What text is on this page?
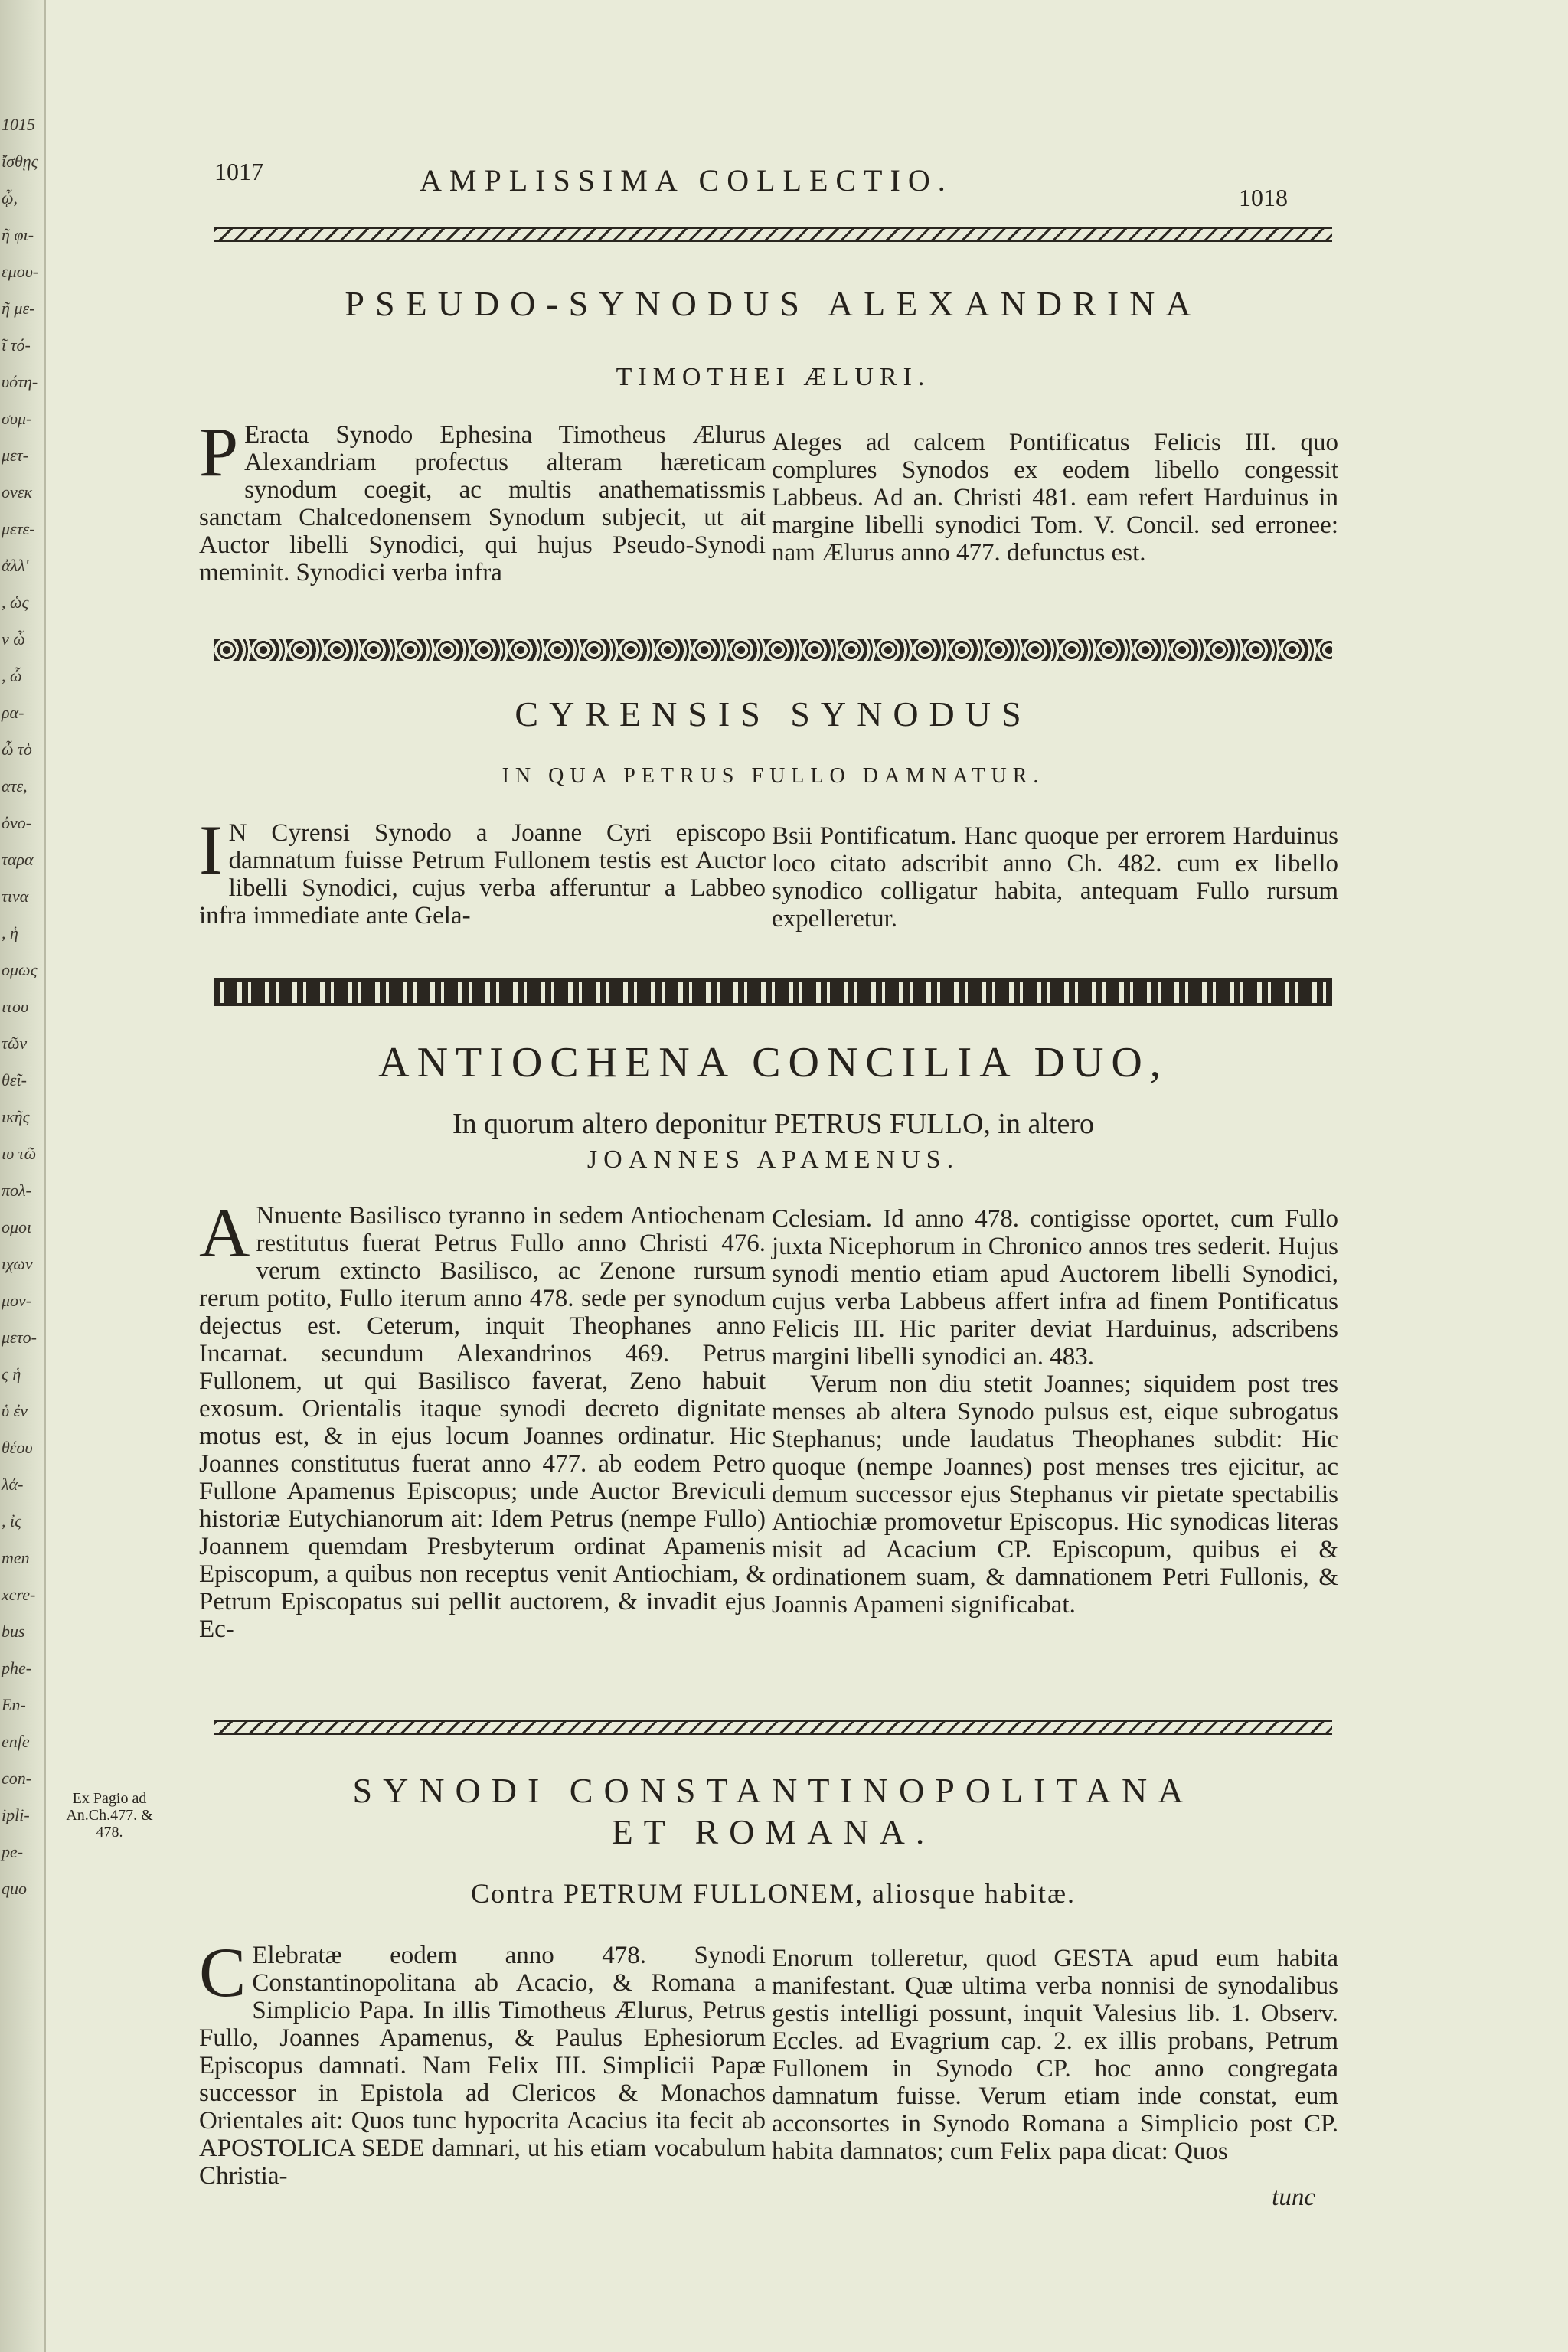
1015
ἴσθῃς
ᾧ,
ῆ φι-
εμου-
ῆ με-
ῖ τό-
υότη-
συμ-
μετ-
ονεκ
μετε-
ἀλλ'
, ὡς
ν ὦ
, ὦ
ρα-
ὦ τὸ
ατε,
ὀνο-
ταρα
τινα
, ἡ
ομως
ιτου
τῶν
θεῖ-
ικῆς
ιυ τῶ
πολ-
ομοι
ιχων
μον-
μετο-
ς ἡ
ὑ ἐν
θέου
λά-
, ἰς
men
xcre-
bus
phe-
En-
enfe
con-
ipli-
pe-
quo
1017	AMPLISSIMA COLLECTIO.	1018
PSEUDO-SYNODUS ALEXANDRINA
TIMOTHEI ÆLURI.
P Eracta Synodo Ephesina Timotheus Ælurus Alexandriam profectus alteram hæreticam synodum coegit, ac multis anathematissmis sanctam Chalcedonensem Synodum subjecit, ut ait Auctor libelli Synodici, qui hujus Pseudo-Synodi meminit. Synodici verba infra

Aleges ad calcem Pontificatus Felicis III. quo complures Synodos ex eodem libello congessit Labbeus. Ad an. Christi 481. eam refert Harduinus in margine libelli synodici Tom. V. Concil. sed erronee: nam Ælurus anno 477. defunctus est.

CYRENSIS SYNODUS
IN QUA PETRUS FULLO DAMNATUR.
I N Cyrensi Synodo a Joanne Cyri episcopo damnatum fuisse Petrum Fullonem testis est Auctor libelli Synodici, cujus verba afferuntur a Labbeo infra immediate ante Gela-

Bsii Pontificatum. Hanc quoque per errorem Harduinus loco citato adscribit anno Ch. 482. cum ex libello synodico colligatur habita, antequam Fullo rursum expelleretur.

ANTIOCHENA CONCILIA DUO,
In quorum altero deponitur PETRUS FULLO, in altero
JOANNES APAMENUS.
A Nnuente Basilisco tyranno in sedem Antiochenam restitutus fuerat Petrus Fullo anno Christi 476. verum extincto Basilisco, ac Zenone rursum rerum potito, Fullo iterum anno 478. sede per synodum dejectus est. Ceterum, inquit Theophanes anno Incarnat. secundum Alexandrinos 469. Petrus Fullonem, ut qui Basilisco faverat, Zeno habuit exosum. Orientalis itaque synodi decreto dignitate motus est, & in ejus locum Joannes ordinatur. Hic Joannes constitutus fuerat anno 477. ab eodem Petro Fullone Apamenus Episcopus; unde Auctor Breviculi historiæ Eutychianorum ait: Idem Petrus (nempe Fullo) Joannem quemdam Presbyterum ordinat Apamenis Episcopum, a quibus non receptus venit Antiochiam, & Petrum Episcopatus sui pellit auctorem, & invadit ejus Ec-

Cclesiam. Id anno 478. contigisse oportet, cum Fullo juxta Nicephorum in Chronico annos tres sederit. Hujus synodi mentio etiam apud Auctorem libelli Synodici, cujus verba Labbeus affert infra ad finem Pontificatus Felicis III. Hic pariter deviat Harduinus, adscribens margini libelli synodici an. 483.

Verum non diu stetit Joannes; siquidem post tres menses ab altera Synodo pulsus est, eique subrogatus Stephanus; unde laudatus Theophanes subdit: Hic quoque (nempe Joannes) post menses tres ejicitur, ac demum successor ejus Stephanus vir pietate spectabilis Antiochiæ promovetur Episcopus. Hic synodicas literas misit ad Acacium CP. Episcopum, quibus ei & ordinationem suam, & damnationem Petri Fullonis, & Joannis Apameni significabat.

Ex Pagio ad An.Ch.477. & 478.
SYNODI CONSTANTINOPOLITANA
ET ROMANA.
Contra PETRUM FULLONEM, aliosque habitæ.
C Elebratæ eodem anno 478. Synodi Constantinopolitana ab Acacio, & Romana a Simplicio Papa. In illis Timotheus Ælurus, Petrus Fullo, Joannes Apamenus, & Paulus Ephesiorum Episcopus damnati. Nam Felix III. Simplicii Papæ successor in Epistola ad Clericos & Monachos Orientales ait: Quos tunc hypocrita Acacius ita fecit ab APOSTOLICA SEDE damnari, ut his etiam vocabulum Christia-

Enorum tolleretur, quod GESTA apud eum habita manifestant. Quæ ultima verba nonnisi de synodalibus gestis intelligi possunt, inquit Valesius lib. 1. Observ. Eccles. ad Evagrium cap. 2. ex illis probans, Petrum Fullonem in Synodo CP. hoc anno congregata damnatum fuisse. Verum etiam inde constat, eum acconsortes in Synodo Romana a Simplicio post CP. habita damnatos; cum Felix papa dicat: Quos

tunc
